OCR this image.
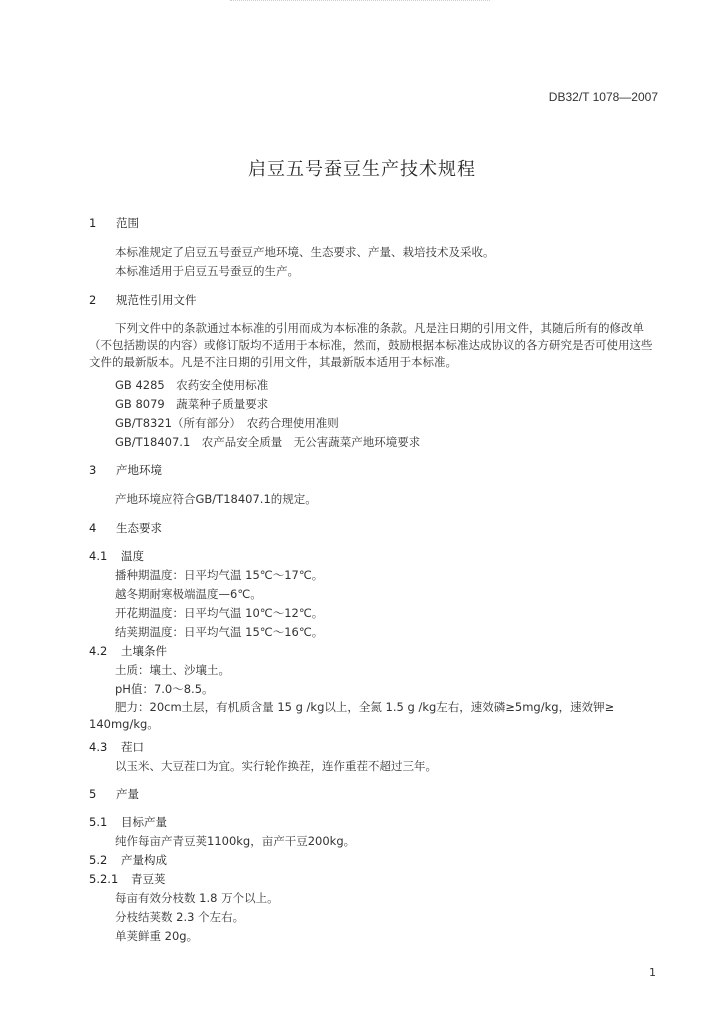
DB32/T 1078—2007
启豆五号蚕豆生产技术规程
1 范围
本标准规定了启豆五号蚕豆产地环境、生态要求、产量、栽培技术及采收。
本标准适用于启豆五号蚕豆的生产。
2 规范性引用文件
下列文件中的条款通过本标准的引用而成为本标准的条款。凡是注日期的引用文件，其随后所有的修改单（不包括勘误的内容）或修订版均不适用于本标准，然而，鼓励根据本标准达成协议的各方研究是否可使用这些文件的最新版本。凡是不注日期的引用文件，其最新版本适用于本标准。
GB 4285　农药安全使用标准
GB 8079　蔬菜种子质量要求
GB/T8321（所有部分）　农药合理使用准则
GB/T18407.1　农产品安全质量　无公害蔬菜产地环境要求
3 产地环境
产地环境应符合GB/T18407.1的规定。
4 生态要求
4.1 温度
播种期温度：日平均气温 15℃～17℃。
越冬期耐寒极端温度—6℃。
开花期温度：日平均气温 10℃～12℃。
结荚期温度：日平均气温 15℃～16℃。
4.2 土壤条件
土质：壤土、沙壤土。
pH值：7.0～8.5。
肥力：20cm土层，有机质含量 15 g /kg以上，全氮 1.5 g /kg左右，速效磷≥5mg/kg，速效钾≥ 140mg/kg。
4.3 茬口
以玉米、大豆茬口为宜。实行轮作换茬，连作重茬不超过三年。
5 产量
5.1 目标产量
纯作每亩产青豆荚1100kg，亩产干豆200kg。
5.2 产量构成
5.2.1 青豆荚
每亩有效分枝数 1.8 万个以上。
分枝结荚数 2.3 个左右。
单荚鲜重 20g。
1
